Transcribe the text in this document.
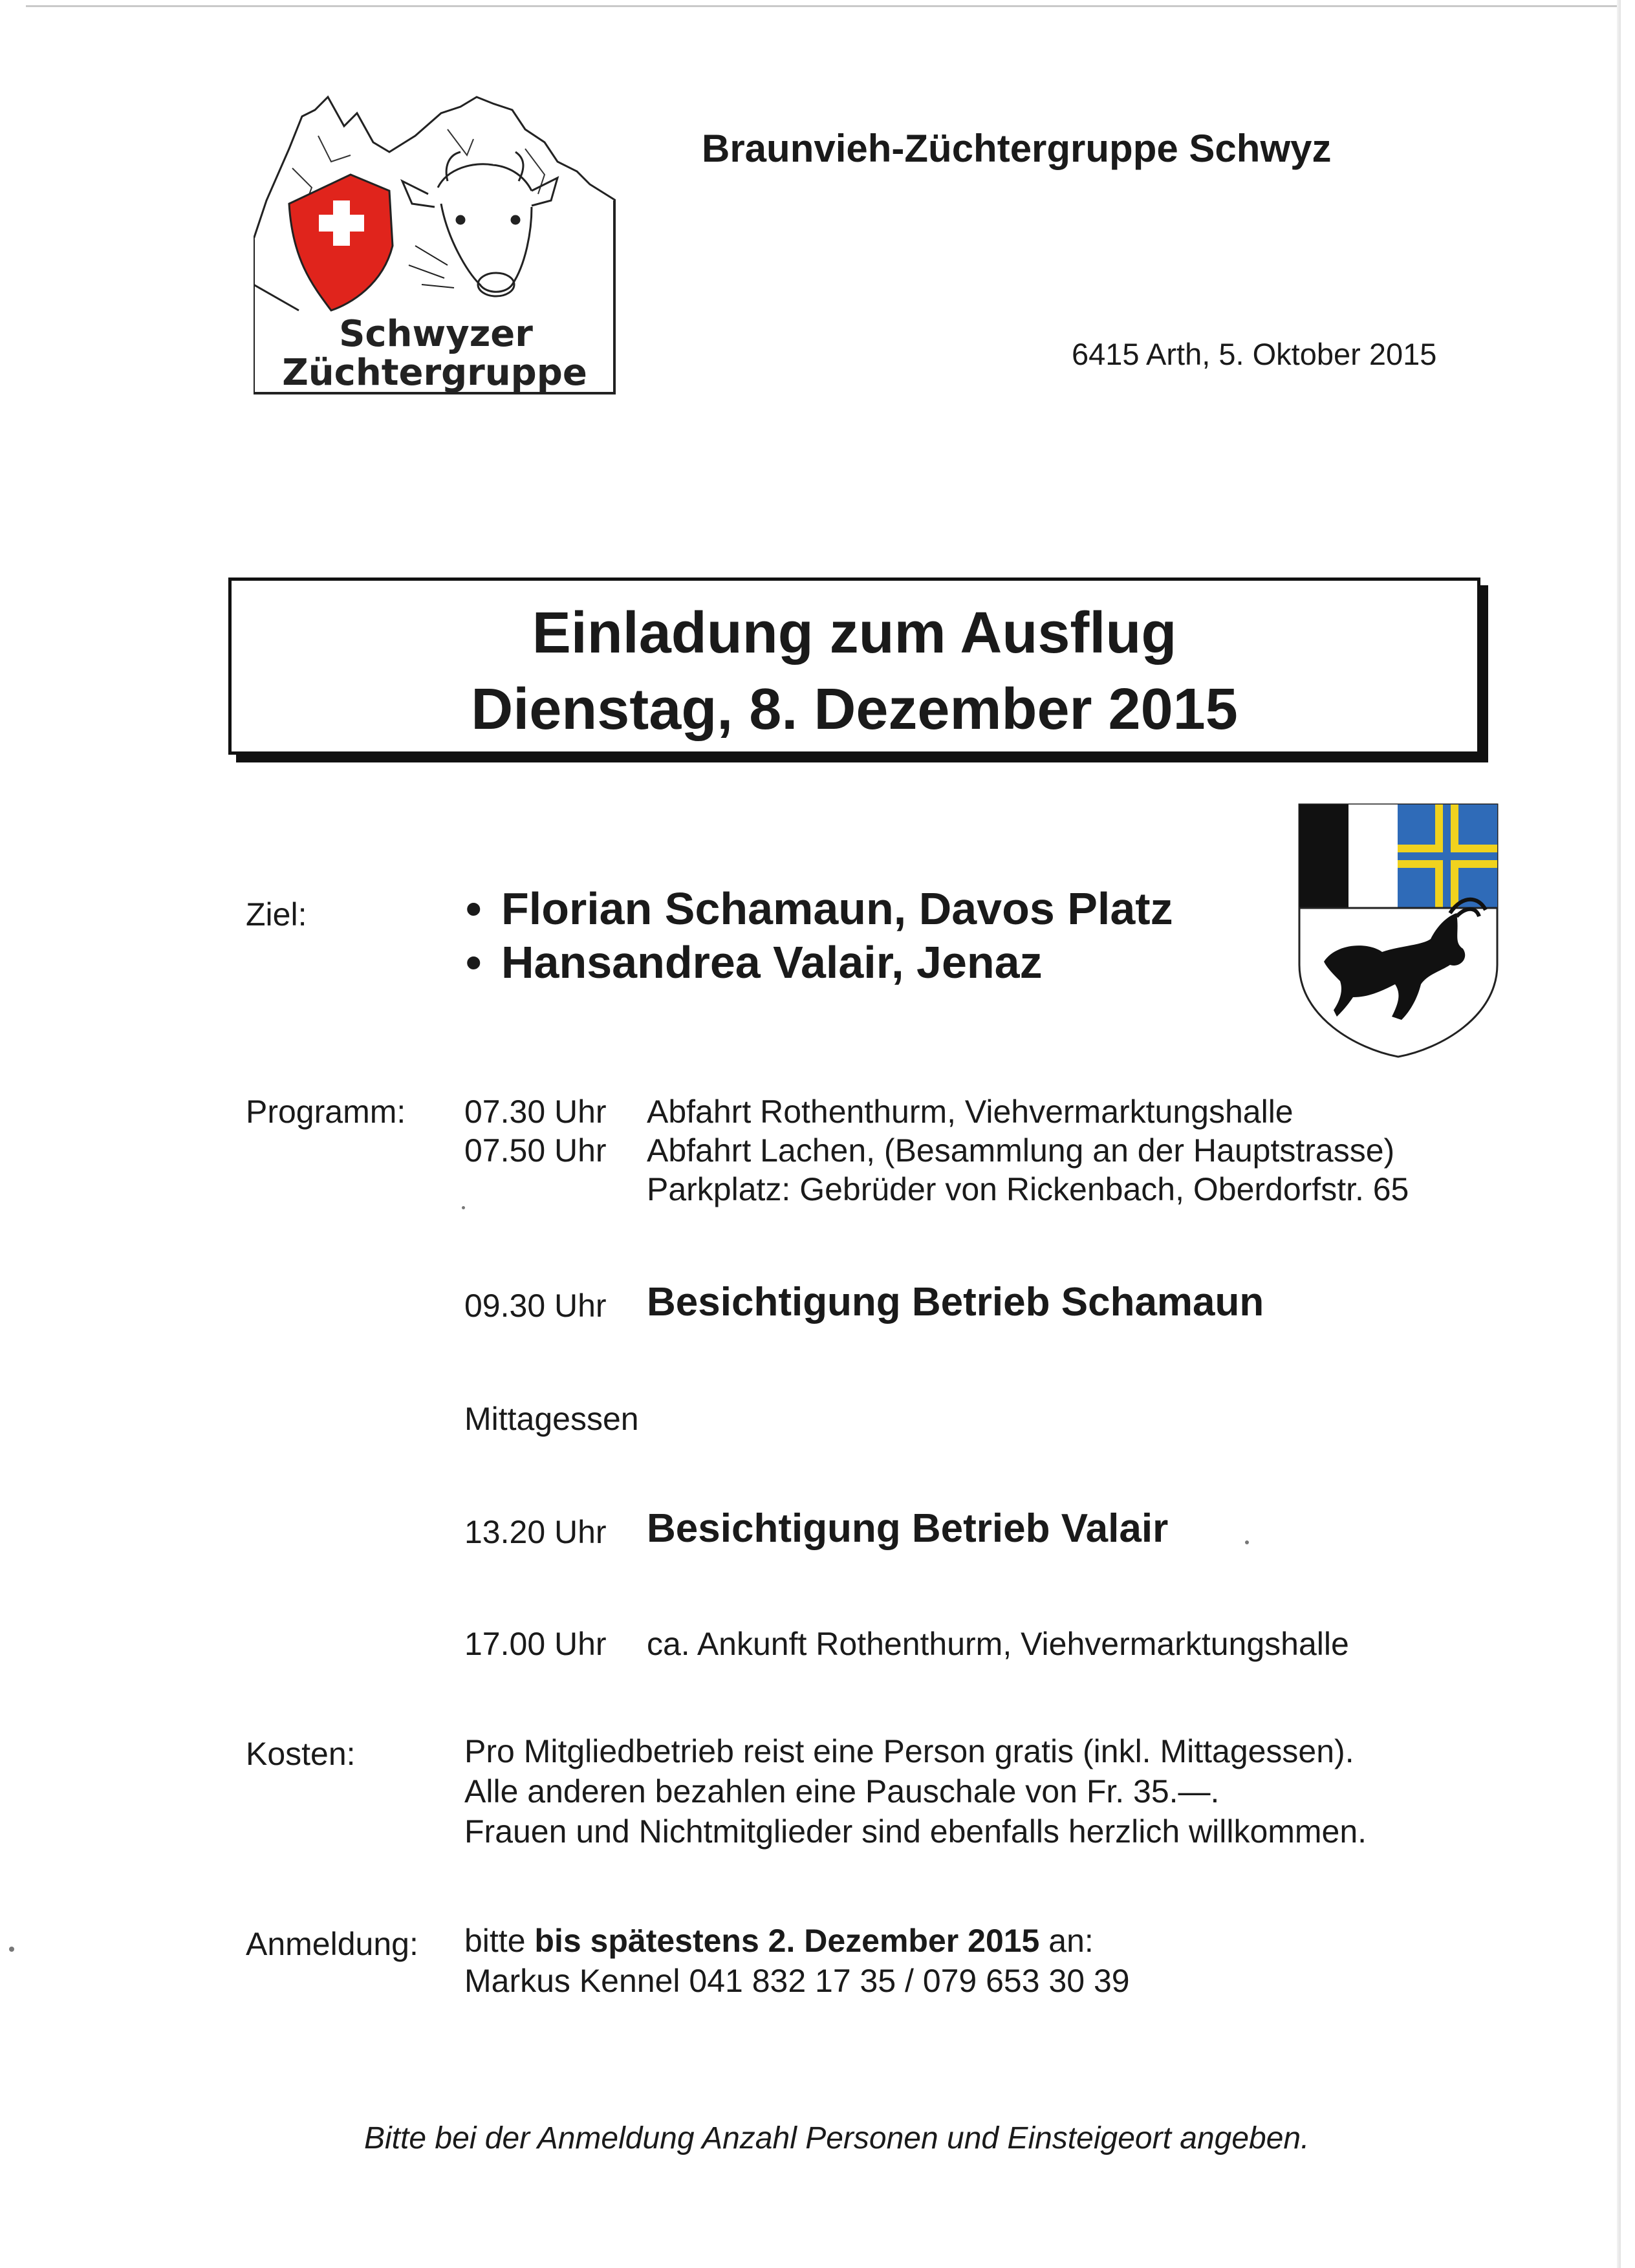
Schwyzer
Züchtergruppe
Braunvieh-Züchtergruppe Schwyz
6415 Arth, 5. Oktober 2015
Einladung zum Ausflug
Dienstag, 8. Dezember 2015
Ziel:	• Florian Schamaun, Davos Platz
• Hansandrea Valair, Jenaz
Programm: 07.30 Uhr Abfahrt Rothenthurm, Viehvermarktungshalle
07.50 Uhr Abfahrt Lachen, (Besammlung an der Hauptstrasse)
Parkplatz: Gebrüder von Rickenbach, Oberdorfstr. 65
09.30 Uhr Besichtigung Betrieb Schamaun
Mittagessen
13.20 Uhr Besichtigung Betrieb Valair
17.00 Uhr ca. Ankunft Rothenthurm, Viehvermarktungshalle
Kosten:	Pro Mitgliedbetrieb reist eine Person gratis (inkl. Mittagessen).
Alle anderen bezahlen eine Pauschale von Fr. 35.—.
Frauen und Nichtmitglieder sind ebenfalls herzlich willkommen.
Anmeldung: bitte bis spätestens 2. Dezember 2015 an:
Markus Kennel 041 832 17 35 / 079 653 30 39
Bitte bei der Anmeldung Anzahl Personen und Einsteigeort angeben.
